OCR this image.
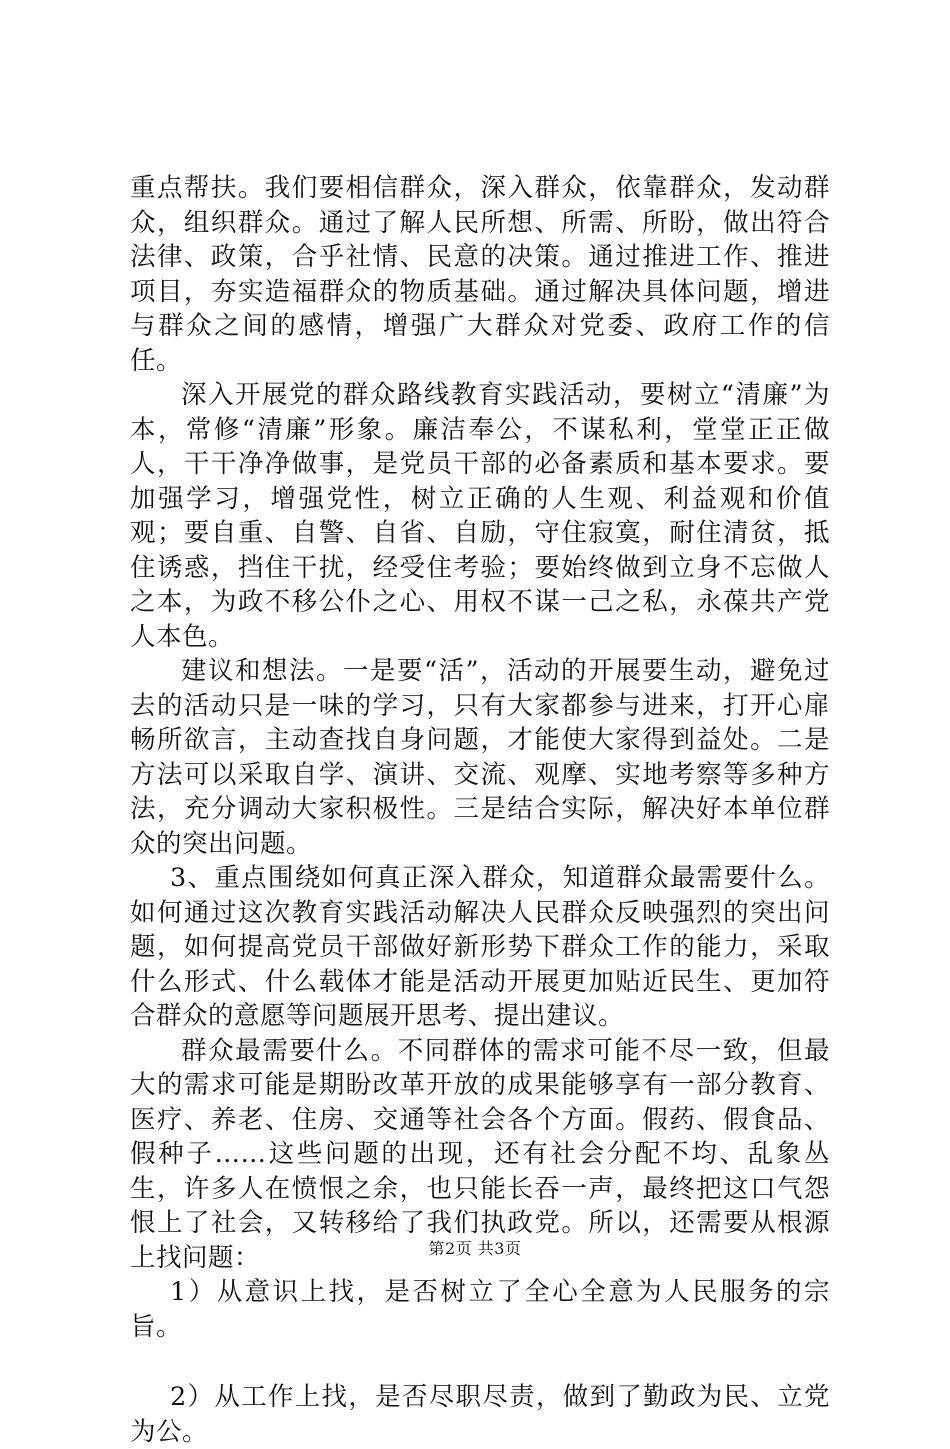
重点帮扶。我们要相信群众，深入群众，依靠群众，发动群众，组织群众。通过了解人民所想、所需、所盼，做出符合法律、政策，合乎社情、民意的决策。通过推进工作、推进项目，夯实造福群众的物质基础。通过解决具体问题，增进与群众之间的感情，增强广大群众对党委、政府工作的信任。

深入开展党的群众路线教育实践活动，要树立“清廉”为本，常修“清廉”形象。廉洁奉公，不谋私利，堂堂正正做人，干干净净做事，是党员干部的必备素质和基本要求。要加强学习，增强党性，树立正确的人生观、利益观和价值观；要自重、自警、自省、自励，守住寂寞，耐住清贫，抵住诱惑，挡住干扰，经受住考验；要始终做到立身不忘做人之本，为政不移公仆之心、用权不谋一己之私，永葆共产党人本色。

建议和想法。一是要“活”，活动的开展要生动，避免过去的活动只是一味的学习，只有大家都参与进来，打开心扉畅所欲言，主动查找自身问题，才能使大家得到益处。二是方法可以采取自学、演讲、交流、观摩、实地考察等多种方法，充分调动大家积极性。三是结合实际，解决好本单位群众的突出问题。

3、重点围绕如何真正深入群众，知道群众最需要什么。如何通过这次教育实践活动解决人民群众反映强烈的突出问题，如何提高党员干部做好新形势下群众工作的能力，采取什么形式、什么载体才能是活动开展更加贴近民生、更加符合群众的意愿等问题展开思考、提出建议。

群众最需要什么。不同群体的需求可能不尽一致，但最大的需求可能是期盼改革开放的成果能够享有一部分教育、医疗、养老、住房、交通等社会各个方面。假药、假食品、假种子……这些问题的出现，还有社会分配不均、乱象丛生，许多人在愤恨之余，也只能长吞一声，最终把这口气怨恨上了社会，又转移给了我们执政党。所以，还需要从根源上找问题：

1）从意识上找，是否树立了全心全意为人民服务的宗旨。

2）从工作上找，是否尽职尽责，做到了勤政为民、立党为公。

第2页 共3页
